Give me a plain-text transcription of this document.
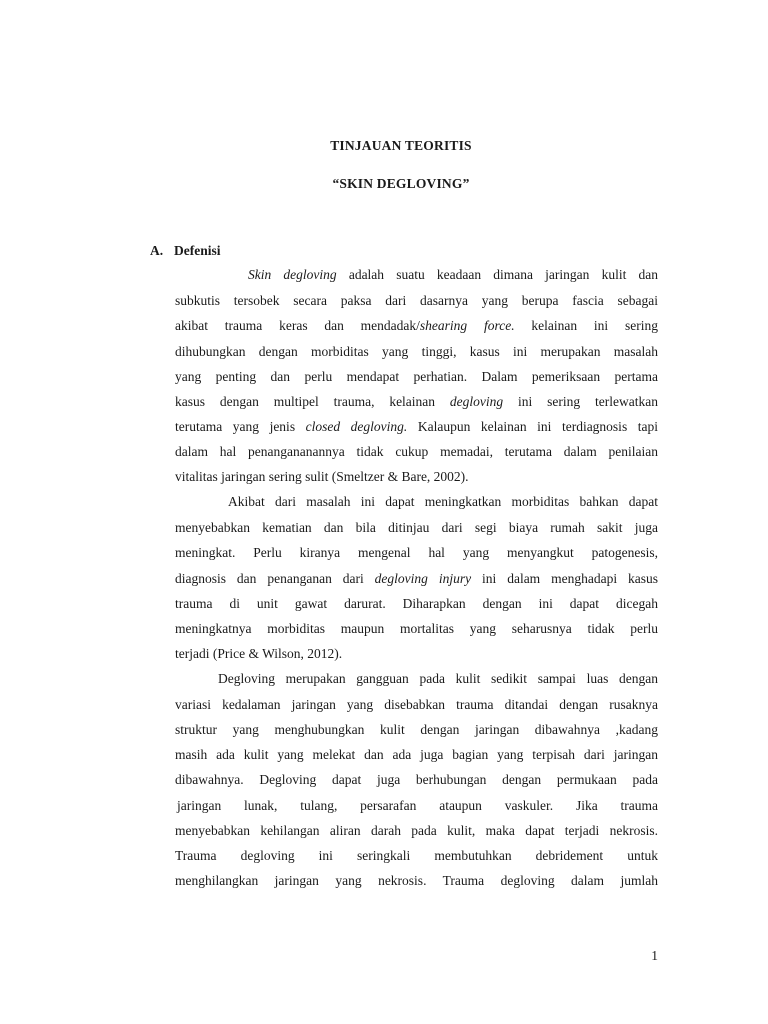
TINJAUAN TEORITIS
“SKIN DEGLOVING”
A. Defenisi
Skin degloving adalah suatu keadaan dimana jaringan kulit dan
subkutis tersobek secara paksa dari dasarnya yang berupa fascia sebagai
akibat trauma keras dan mendadak/shearing force. kelainan ini sering
dihubungkan dengan morbiditas yang tinggi, kasus ini merupakan masalah
yang penting dan perlu mendapat perhatian. Dalam pemeriksaan pertama
kasus dengan multipel trauma, kelainan degloving ini sering terlewatkan
terutama yang jenis closed degloving. Kalaupun kelainan ini terdiagnosis tapi
dalam hal penangananannya tidak cukup memadai, terutama dalam penilaian
vitalitas jaringan sering sulit (Smeltzer & Bare, 2002).
Akibat dari masalah ini dapat meningkatkan morbiditas bahkan dapat
menyebabkan kematian dan bila ditinjau dari segi biaya rumah sakit juga
meningkat. Perlu kiranya mengenal hal yang menyangkut patogenesis,
diagnosis dan penanganan dari degloving injury ini dalam menghadapi kasus
trauma di unit gawat darurat. Diharapkan dengan ini dapat dicegah
meningkatnya morbiditas maupun mortalitas yang seharusnya tidak perlu
terjadi (Price & Wilson, 2012).
Degloving merupakan gangguan pada kulit sedikit sampai luas dengan
variasi kedalaman jaringan yang disebabkan trauma ditandai dengan rusaknya
struktur yang menghubungkan kulit dengan jaringan dibawahnya ,kadang
masih ada kulit yang melekat dan ada juga bagian yang terpisah dari jaringan
dibawahnya. Degloving dapat juga berhubungan dengan permukaan pada
jaringan lunak, tulang, persarafan ataupun vaskuler. Jika trauma
menyebabkan kehilangan aliran darah pada kulit, maka dapat terjadi nekrosis.
Trauma degloving ini seringkali membutuhkan debridement untuk
menghilangkan jaringan yang nekrosis. Trauma degloving dalam jumlah
1
